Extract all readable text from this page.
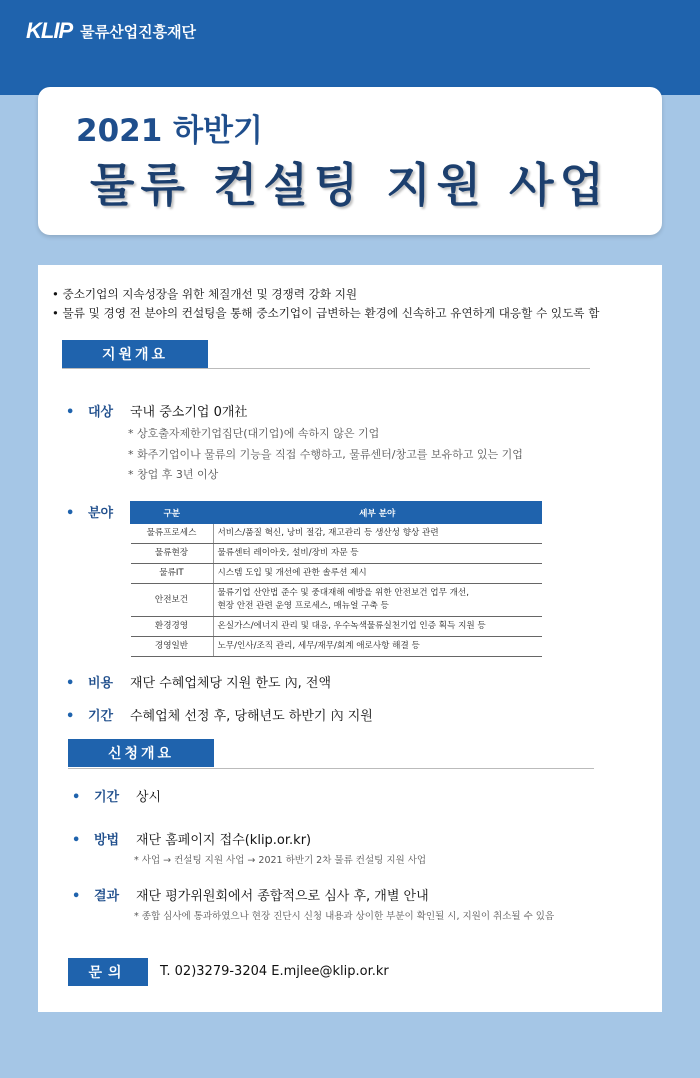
KLIP 물류산업진흥재단
2021 하반기
물류 컨설팅 지원 사업
• 중소기업의 지속성장을 위한 체질개선 및 경쟁력 강화 지원
• 물류 및 경영 전 분야의 컨설팅을 통해 중소기업이 급변하는 환경에 신속하고 유연하게 대응할 수 있도록 함
지원개요
•	대상	국내 중소기업 0개社
* 상호출자제한기업집단(대기업)에 속하지 않은 기업
* 화주기업이나 물류의 기능을 직접 수행하고, 물류센터/창고를 보유하고 있는 기업
* 창업 후 3년 이상
•	분야	구분	세부 분야
물류프로세스	서비스/품질 혁신, 낭비 절감, 재고관리 등 생산성 향상 관련
물류현장	물류센터 레이아웃, 설비/장비 자문 등
물류IT	시스템 도입 및 개선에 관한 솔루션 제시
안전보건	물류기업 산안법 준수 및 중대재해 예방을 위한 안전보건 업무 개선,
현장 안전 관련 운영 프로세스, 매뉴얼 구축 등

환경경영	온실가스/에너지 관리 및 대응, 우수녹색물류실천기업 인증 획득 지원 등
경영일반	노무/인사/조직 관리, 세무/재무/회계 애로사항 해결 등
•	비용	재단 수혜업체당 지원 한도 內, 전액
•	기간	수혜업체 선정 후, 당해년도 하반기 內 지원
신청개요
•	기간	상시
•	방법	재단 홈페이지 접수(klip.or.kr)
* 사업 → 컨설팅 지원 사업 → 2021 하반기 2차 물류 컨설팅 지원 사업
•	결과	재단 평가위원회에서 종합적으로 심사 후, 개별 안내
* 종합 심사에 통과하였으나 현장 진단시 신청 내용과 상이한 부분이 확인될 시, 지원이 취소될 수 있음
문의	T. 02)3279-3204 E.mjlee@klip.or.kr
